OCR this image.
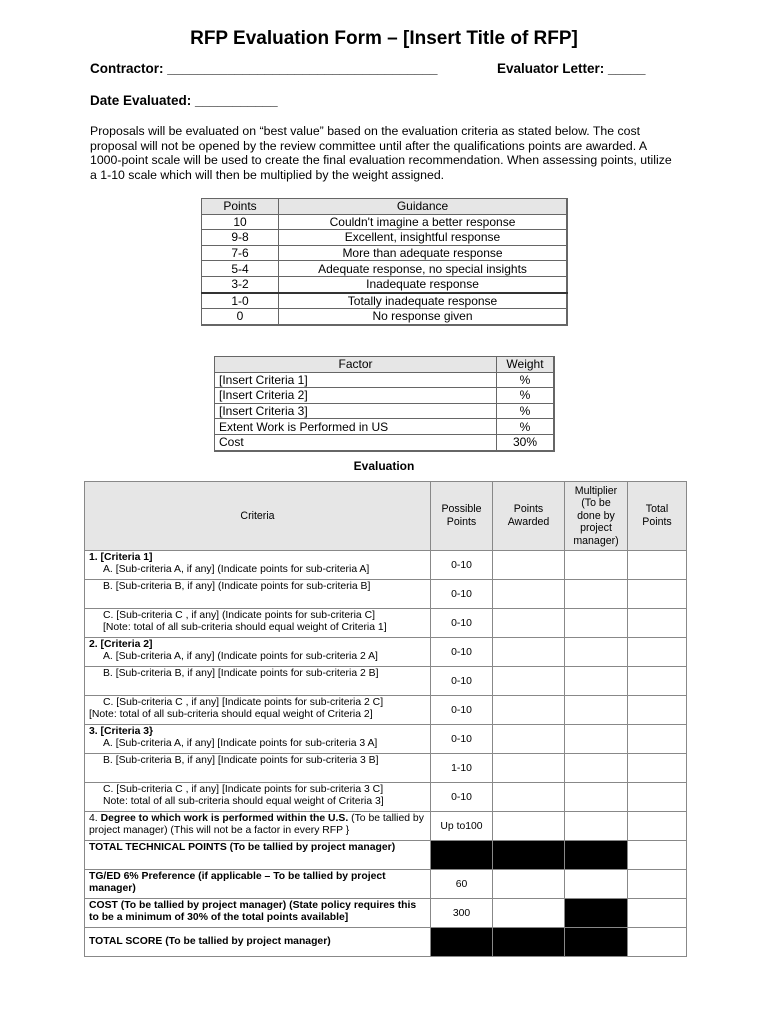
RFP Evaluation Form – [Insert Title of RFP]
Contractor: ____________________________________	Evaluator Letter: _____
Date Evaluated: ___________
Proposals will be evaluated on “best value” based on the evaluation criteria as stated below. The cost proposal will not be opened by the review committee until after the qualifications points are awarded. A 1000-point scale will be used to create the final evaluation recommendation. When assessing points, utilize a 1-10 scale which will then be multiplied by the weight assigned.
Points	Guidance
10	Couldn't imagine a better response
9-8	Excellent, insightful response
7-6	More than adequate response
5-4	Adequate response, no special insights
3-2	Inadequate response
1-0	Totally inadequate response
0	No response given
Factor	Weight
[Insert Criteria 1]	%
[Insert Criteria 2]	%
[Insert Criteria 3]	%
Extent Work is Performed in US	%
Cost	30%
Evaluation
Criteria	Possible Points	Points Awarded	Multiplier (To be done by project manager)	Total Points
1. [Criteria 1]
A. [Sub-criteria A, if any] (Indicate points for sub-criteria A]	0-10			

B. [Sub-criteria B, if any] (Indicate points for sub-criteria B]	0-10			

C. [Sub-criteria C , if any] (Indicate points for sub-criteria C]
[Note: total of all sub-criteria should equal weight of Criteria 1]	0-10			
2. [Criteria 2]
A. [Sub-criteria A, if any] (Indicate points for sub-criteria 2 A]	0-10			

B. [Sub-criteria B, if any] [Indicate points for sub-criteria 2 B]	0-10			

C. [Sub-criteria C , if any] [Indicate points for sub-criteria 2 C]
[Note: total of all sub-criteria should equal weight of Criteria 2]	0-10			
3. [Criteria 3}
A. [Sub-criteria A, if any] [Indicate points for sub-criteria 3 A]	0-10			

B. [Sub-criteria B, if any] [Indicate points for sub-criteria 3 B]	1-10			

C. [Sub-criteria C , if any] [Indicate points for sub-criteria 3 C]
Note: total of all sub-criteria should equal weight of Criteria 3]	0-10			
4. Degree to which work is performed within the U.S. (To be tallied by project manager) (This will not be a factor in every RFP }	Up to100			
TOTAL TECHNICAL POINTS (To be tallied by project manager)				
TG/ED 6% Preference (if applicable – To be tallied by project manager)	60			
COST (To be tallied by project manager) (State policy requires this to be a minimum of 30% of the total points available]	300			
TOTAL SCORE (To be tallied by project manager)				
